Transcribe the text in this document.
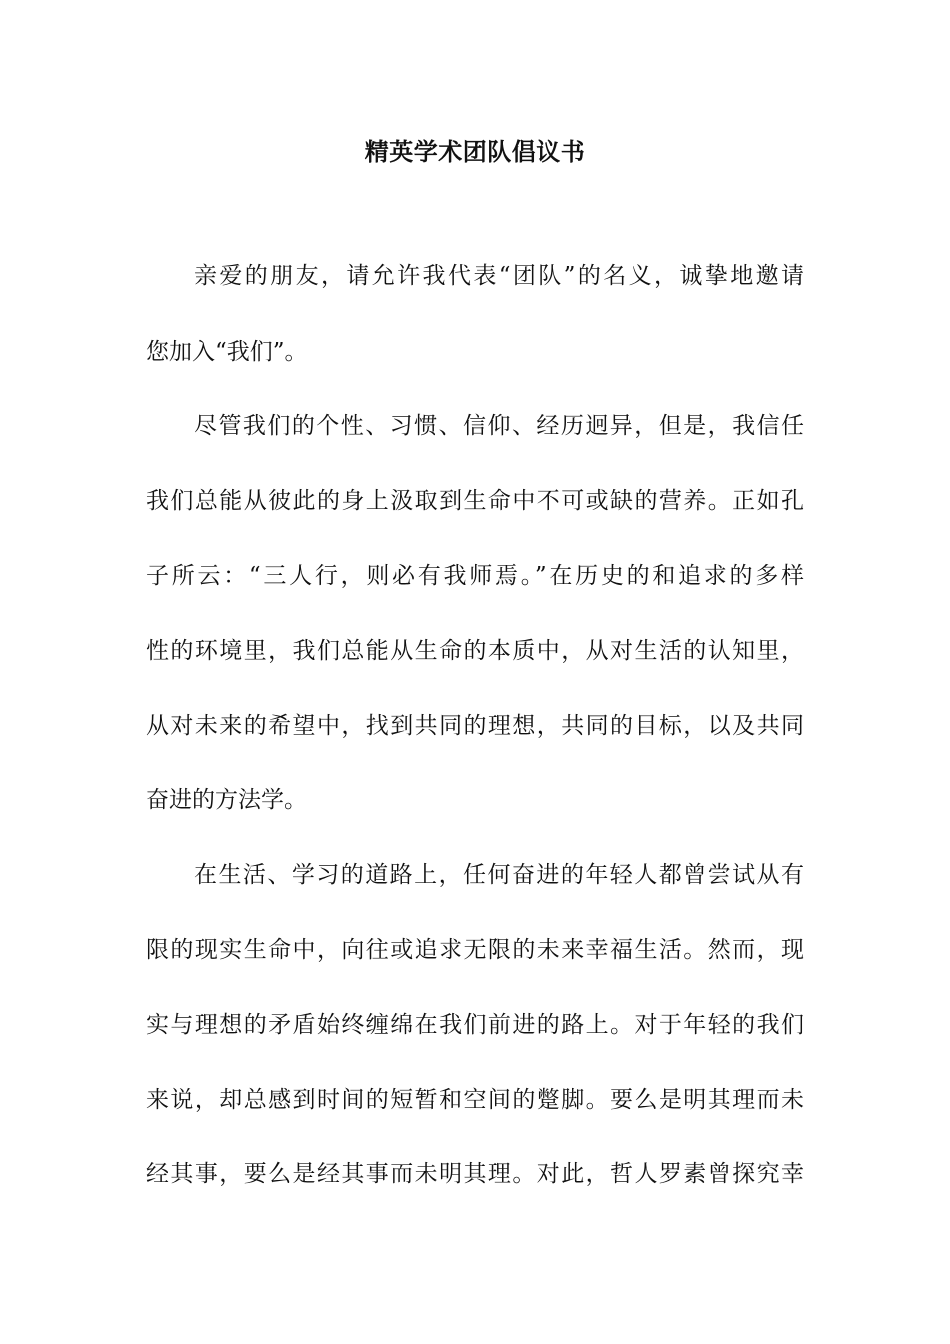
精英学术团队倡议书

亲爱的朋友，请允许我代表“团队”的名义，诚挚地邀请

您加入“我们”。

尽管我们的个性、习惯、信仰、经历迥异，但是，我信任

我们总能从彼此的身上汲取到生命中不可或缺的营养。正如孔

子所云：“三人行，则必有我师焉。”在历史的和追求的多样

性的环境里，我们总能从生命的本质中，从对生活的认知里，

从对未来的希望中，找到共同的理想，共同的目标，以及共同

奋进的方法学。

在生活、学习的道路上，任何奋进的年轻人都曾尝试从有

限的现实生命中，向往或追求无限的未来幸福生活。然而，现

实与理想的矛盾始终缠绵在我们前进的路上。对于年轻的我们

来说，却总感到时间的短暂和空间的蹩脚。要么是明其理而未

经其事，要么是经其事而未明其理。对此，哲人罗素曾探究幸
